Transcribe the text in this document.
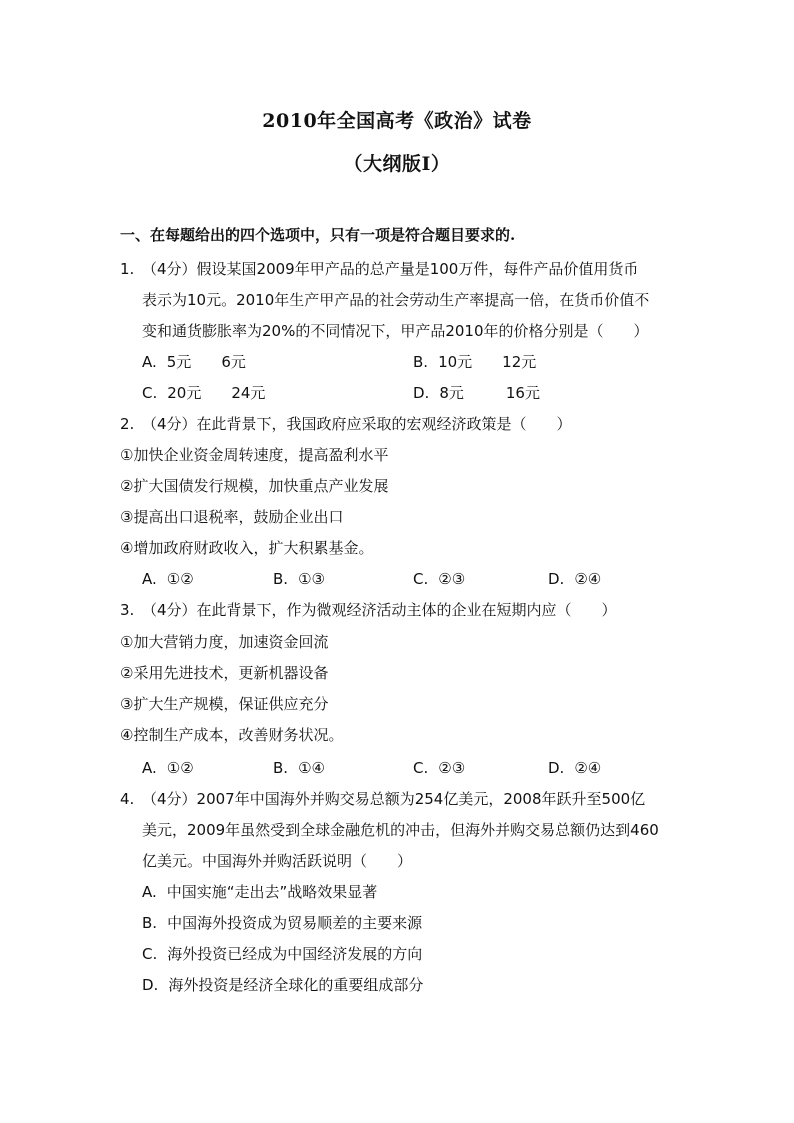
2010年全国高考《政治》试卷
（大纲版Ⅰ）
一、在每题给出的四个选项中，只有一项是符合题目要求的.
1. （4分）假设某国2009年甲产品的总产量是100万件，每件产品价值用货币
表示为10元。2010年生产甲产品的社会劳动生产率提高一倍，在货币价值不
变和通货膨胀率为20%的不同情况下，甲产品2010年的价格分别是（　　）
A. 5元 6元	B. 10元 12元
C. 20元 24元	D. 8元	16元
2. （4分）在此背景下，我国政府应采取的宏观经济政策是（　　）
①加快企业资金周转速度，提高盈利水平
②扩大国债发行规模，加快重点产业发展
③提高出口退税率，鼓励企业出口
④增加政府财政收入，扩大积累基金。
A. ①②	B. ①③	C. ②③	D. ②④
3. （4分）在此背景下，作为微观经济活动主体的企业在短期内应（　　）
①加大营销力度，加速资金回流
②采用先进技术，更新机器设备
③扩大生产规模，保证供应充分
④控制生产成本，改善财务状况。
A. ①②	B. ①④	C. ②③	D. ②④
4. （4分）2007年中国海外并购交易总额为254亿美元，2008年跃升至500亿
美元，2009年虽然受到全球金融危机的冲击，但海外并购交易总额仍达到460
亿美元。中国海外并购活跃说明（　　）
A. 中国实施“走出去”战略效果显著
B. 中国海外投资成为贸易顺差的主要来源
C. 海外投资已经成为中国经济发展的方向
D. 海外投资是经济全球化的重要组成部分
